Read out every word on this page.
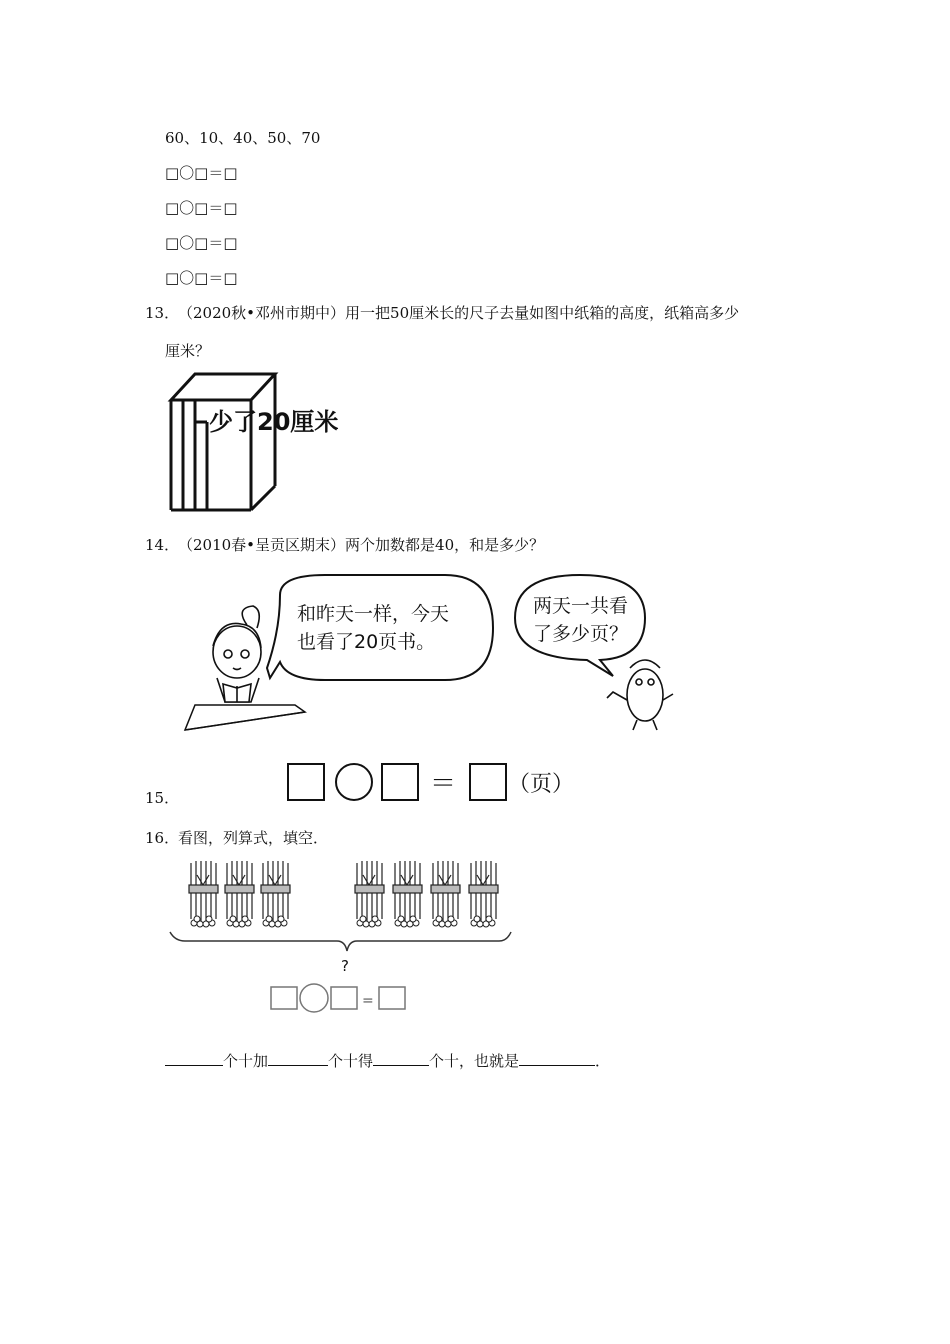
60、10、40、50、70
□〇□＝□
□〇□＝□
□〇□＝□
□〇□＝□
13．
（2020秋•邓州市期中）用一把50厘米长的尺子去量如图中纸箱的高度，纸箱高多少
厘米？
少了20厘米
14．
（2010春•呈贡区期末）两个加数都是40，和是多少？
和昨天一样，今天
也看了20页书。
两天一共看
了多少页？
15．	＝ （页）
16．
看图，列算式，填空．
?
=
个十加	个十得	个十，也就是	．
